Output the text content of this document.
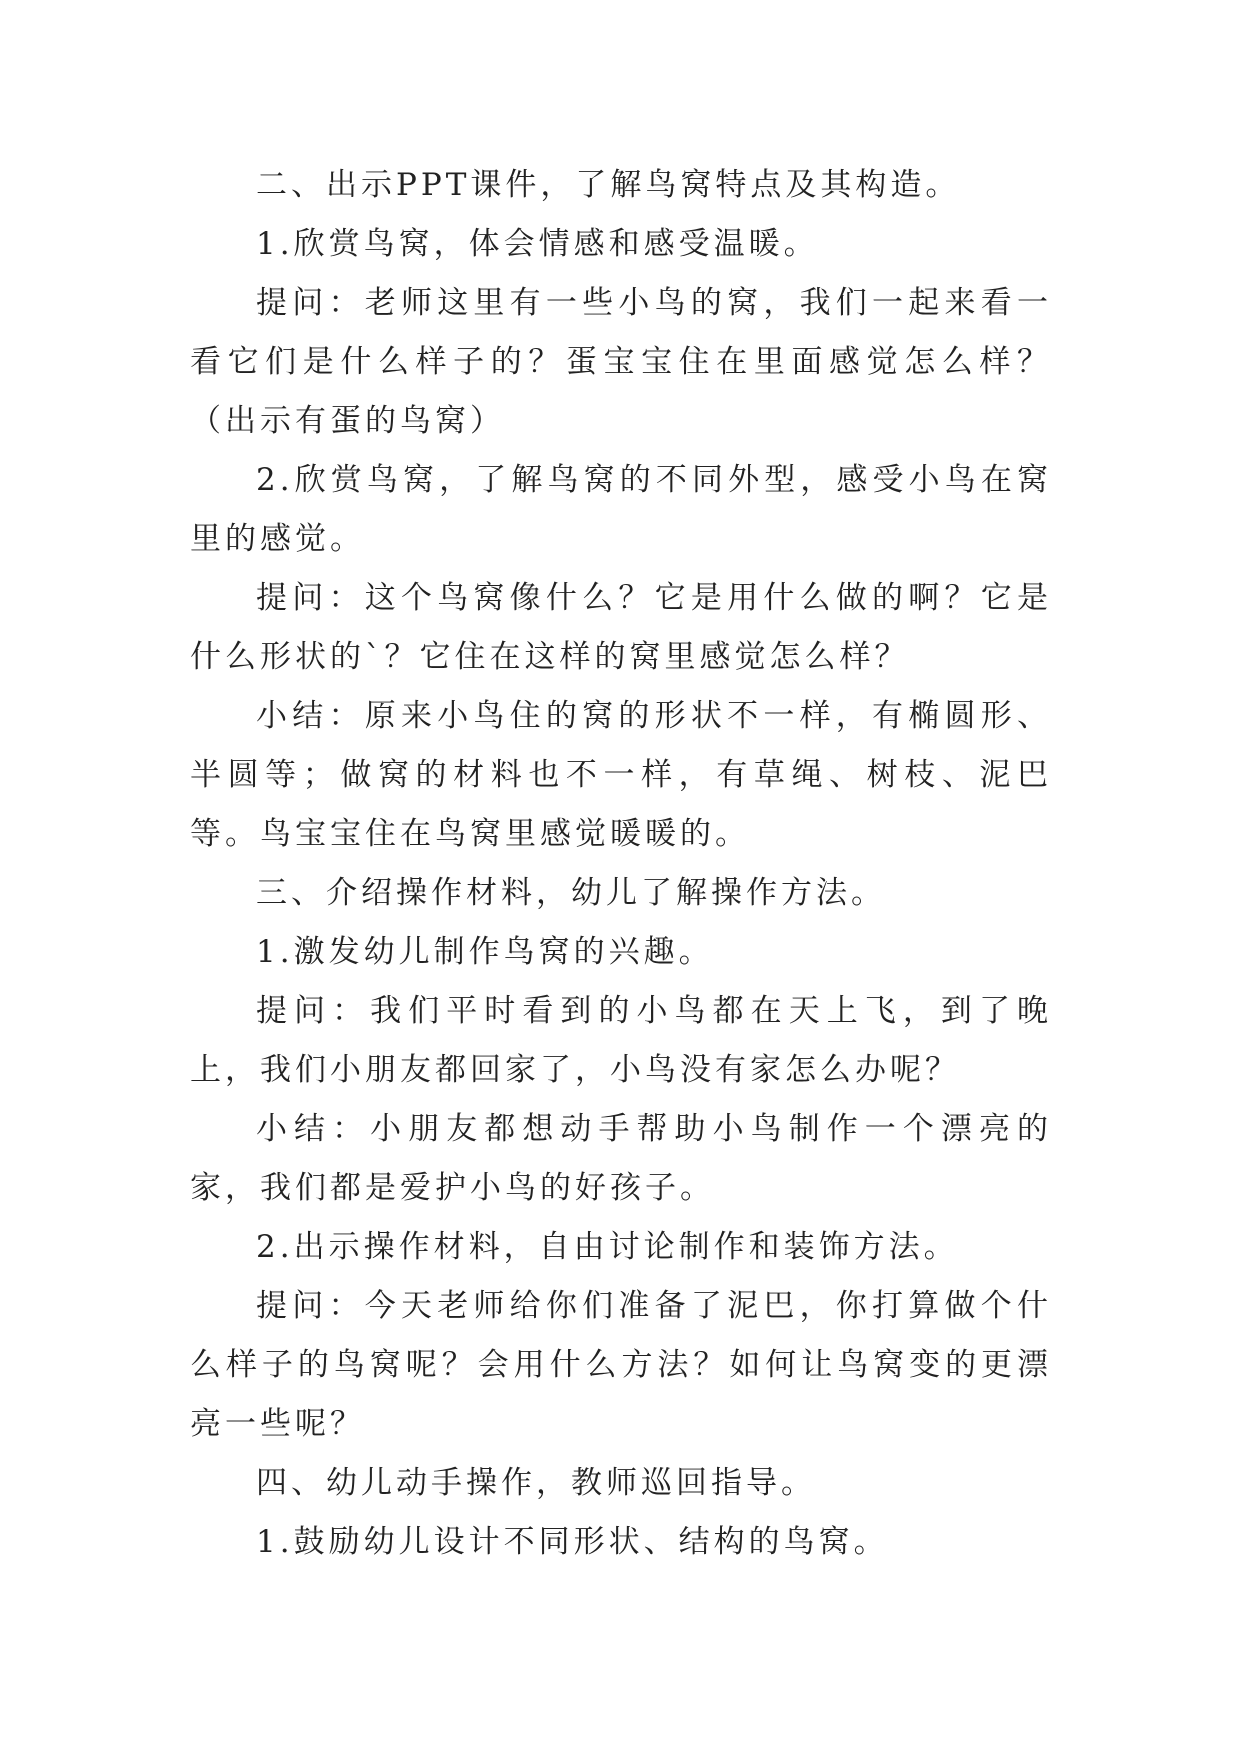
二、出示PPT课件，了解鸟窝特点及其构造。

1.欣赏鸟窝，体会情感和感受温暖。

提问：老师这里有一些小鸟的窝，我们一起来看一看它们是什么样子的？蛋宝宝住在里面感觉怎么样？（出示有蛋的鸟窝）

2.欣赏鸟窝，了解鸟窝的不同外型，感受小鸟在窝里的感觉。

提问：这个鸟窝像什么？它是用什么做的啊？它是什么形状的`？它住在这样的窝里感觉怎么样？

小结：原来小鸟住的窝的形状不一样，有椭圆形、半圆等；做窝的材料也不一样，有草绳、树枝、泥巴等。鸟宝宝住在鸟窝里感觉暖暖的。

三、介绍操作材料，幼儿了解操作方法。

1.激发幼儿制作鸟窝的兴趣。

提问：我们平时看到的小鸟都在天上飞，到了晚上，我们小朋友都回家了，小鸟没有家怎么办呢？

小结：小朋友都想动手帮助小鸟制作一个漂亮的家，我们都是爱护小鸟的好孩子。

2.出示操作材料，自由讨论制作和装饰方法。

提问：今天老师给你们准备了泥巴，你打算做个什么样子的鸟窝呢？会用什么方法？如何让鸟窝变的更漂亮一些呢？

四、幼儿动手操作，教师巡回指导。

1.鼓励幼儿设计不同形状、结构的鸟窝。
